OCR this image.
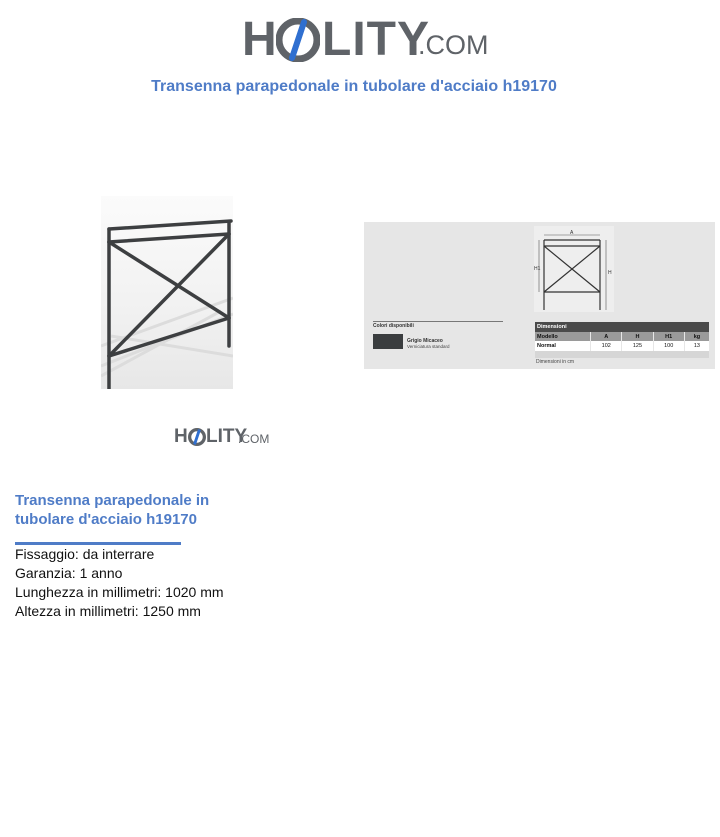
H LITY
.COM
Transenna parapedonale in tubolare d'acciaio h19170
H LITY
.COM
A
H1
H
Colori disponibili
Grigio Micaceo
Verniciatura standard
Dimensioni				
Modello	A	H	H1	kg
Normal	102	125	100	13

Dimensioni in cm
Transenna parapedonale in tubolare d'acciaio h19170
Fissaggio: da interrare
Garanzia: 1 anno
Lunghezza in millimetri: 1020 mm
Altezza in millimetri: 1250 mm
